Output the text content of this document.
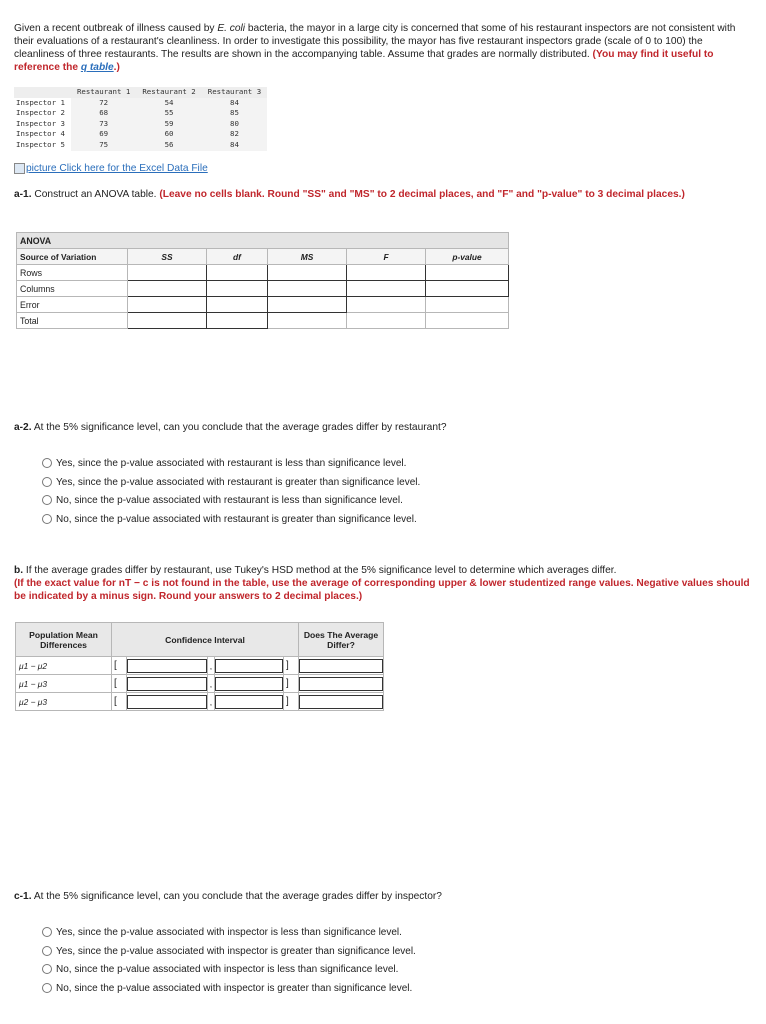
Given a recent outbreak of illness caused by E. coli bacteria, the mayor in a large city is concerned that some of his restaurant inspectors are not consistent with their evaluations of a restaurant's cleanliness. In order to investigate this possibility, the mayor has five restaurant inspectors grade (scale of 0 to 100) the cleanliness of three restaurants. The results are shown in the accompanying table. Assume that grades are normally distributed. (You may find it useful to reference the q table.)
	Restaurant 1	Restaurant 2	Restaurant 3
Inspector 1	72	54	84
Inspector 2	68	55	85
Inspector 3	73	59	80
Inspector 4	69	60	82
Inspector 5	75	56	84
picture Click here for the Excel Data File
a-1. Construct an ANOVA table. (Leave no cells blank. Round "SS" and "MS" to 2 decimal places, and "F" and "p-value" to 3 decimal places.)
ANOVA					
Source of Variation	SS	df	MS	F	p-value
Rows					
Columns					
Error					
Total					
a-2. At the 5% significance level, can you conclude that the average grades differ by restaurant?
Yes, since the p-value associated with restaurant is less than significance level.
Yes, since the p-value associated with restaurant is greater than significance level.
No, since the p-value associated with restaurant is less than significance level.
No, since the p-value associated with restaurant is greater than significance level.
b. If the average grades differ by restaurant, use Tukey's HSD method at the 5% significance level to determine which averages differ.
(If the exact value for nT − c is not found in the table, use the average of corresponding upper & lower studentized range values. Negative values should be indicated by a minus sign. Round your answers to 2 decimal places.)
Population Mean Differences	Confidence Interval					Does The Average Differ?
μ1 − μ2	[		,		]	
μ1 − μ3	[		,		]	
μ2 − μ3	[		,		]	
c-1. At the 5% significance level, can you conclude that the average grades differ by inspector?
Yes, since the p-value associated with inspector is less than significance level.
Yes, since the p-value associated with inspector is greater than significance level.
No, since the p-value associated with inspector is less than significance level.
No, since the p-value associated with inspector is greater than significance level.
